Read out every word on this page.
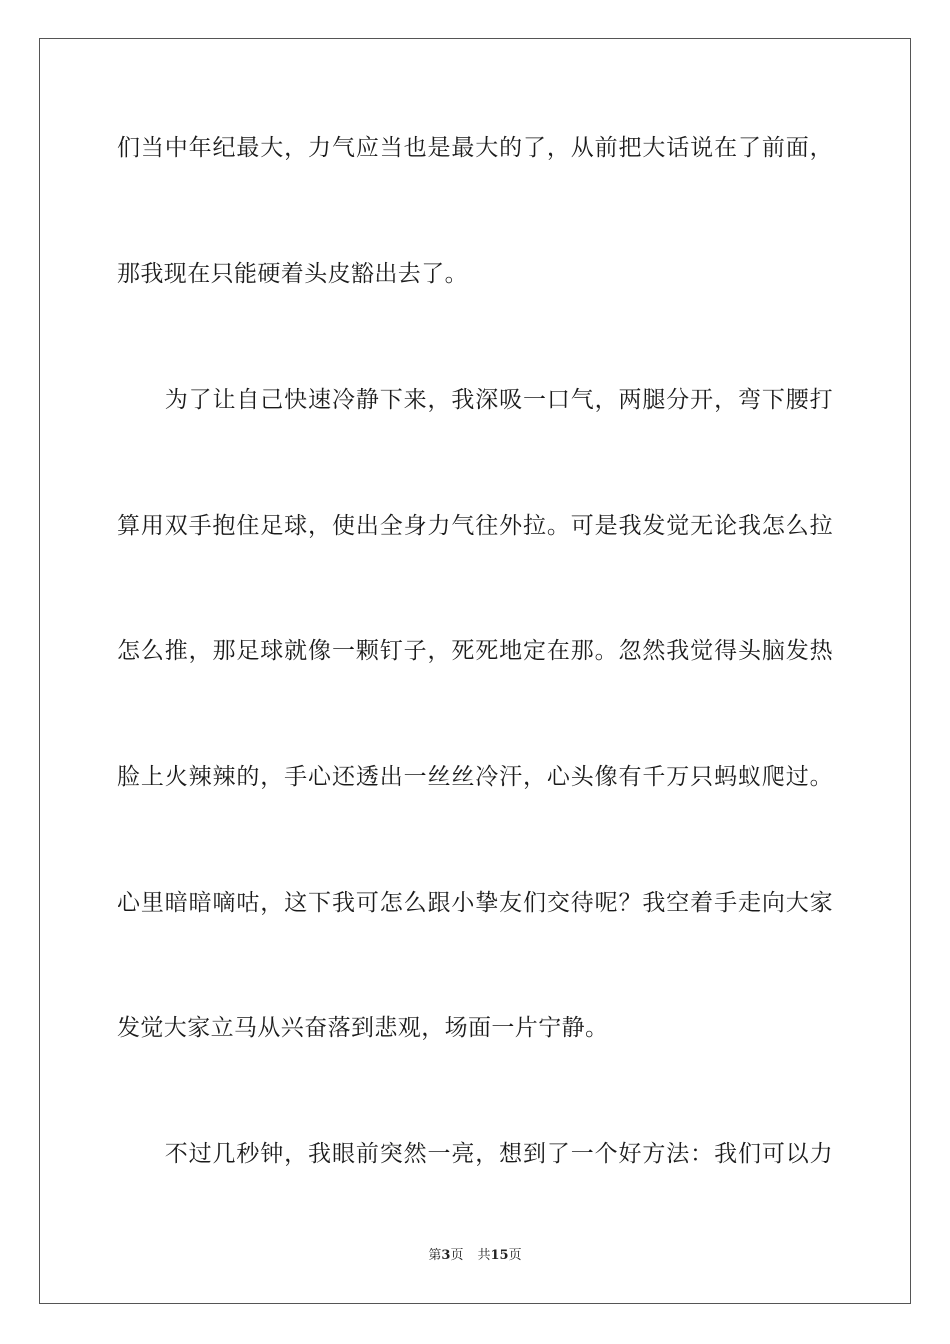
们当中年纪最大，力气应当也是最大的了，从前把大话说在了前面，
那我现在只能硬着头皮豁出去了。
　　为了让自己快速冷静下来，我深吸一口气，两腿分开，弯下腰打
算用双手抱住足球，使出全身力气往外拉。可是我发觉无论我怎么拉
怎么推，那足球就像一颗钉子，死死地定在那。忽然我觉得头脑发热
脸上火辣辣的，手心还透出一丝丝冷汗，心头像有千万只蚂蚁爬过。
心里暗暗嘀咕，这下我可怎么跟小挚友们交待呢？我空着手走向大家
发觉大家立马从兴奋落到悲观，场面一片宁静。
　　不过几秒钟，我眼前突然一亮，想到了一个好方法：我们可以力
第3页 共15页
